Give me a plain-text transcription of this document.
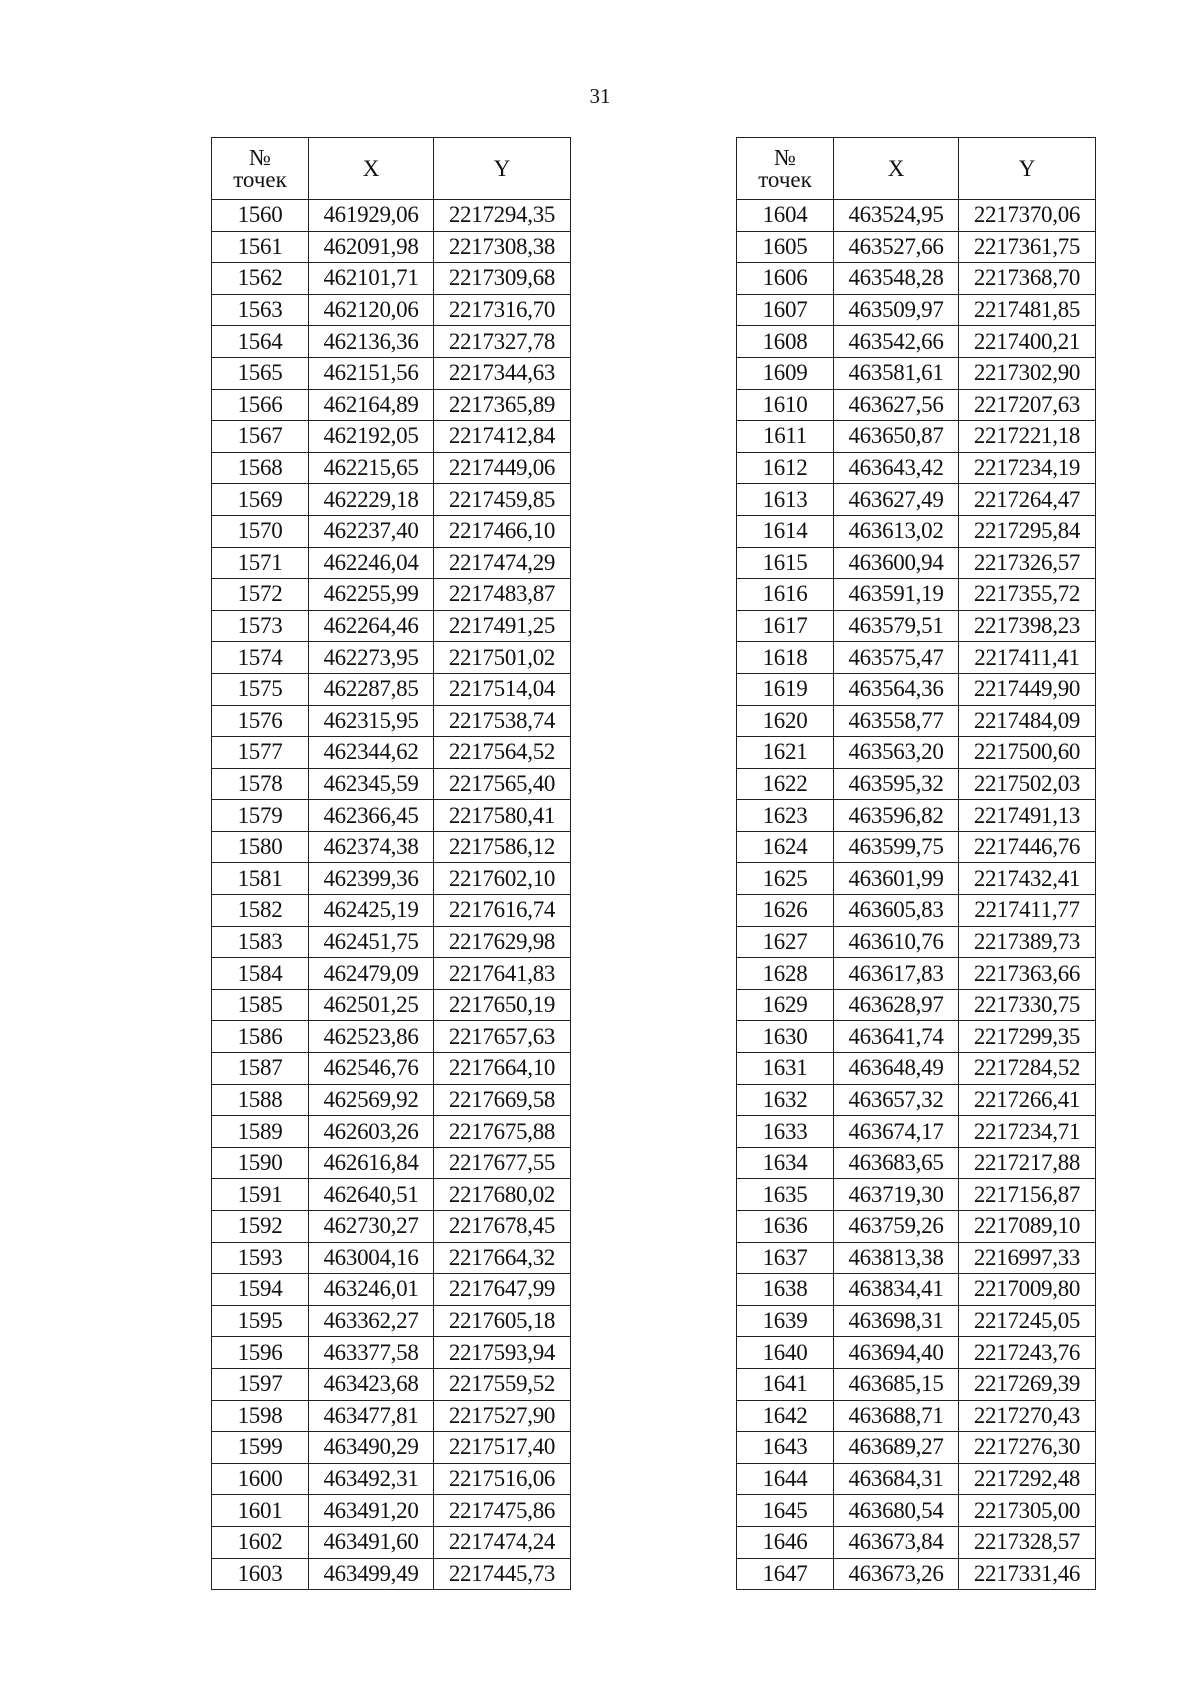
31
№
точек	X	Y
1560	461929,06	2217294,35
1561	462091,98	2217308,38
1562	462101,71	2217309,68
1563	462120,06	2217316,70
1564	462136,36	2217327,78
1565	462151,56	2217344,63
1566	462164,89	2217365,89
1567	462192,05	2217412,84
1568	462215,65	2217449,06
1569	462229,18	2217459,85
1570	462237,40	2217466,10
1571	462246,04	2217474,29
1572	462255,99	2217483,87
1573	462264,46	2217491,25
1574	462273,95	2217501,02
1575	462287,85	2217514,04
1576	462315,95	2217538,74
1577	462344,62	2217564,52
1578	462345,59	2217565,40
1579	462366,45	2217580,41
1580	462374,38	2217586,12
1581	462399,36	2217602,10
1582	462425,19	2217616,74
1583	462451,75	2217629,98
1584	462479,09	2217641,83
1585	462501,25	2217650,19
1586	462523,86	2217657,63
1587	462546,76	2217664,10
1588	462569,92	2217669,58
1589	462603,26	2217675,88
1590	462616,84	2217677,55
1591	462640,51	2217680,02
1592	462730,27	2217678,45
1593	463004,16	2217664,32
1594	463246,01	2217647,99
1595	463362,27	2217605,18
1596	463377,58	2217593,94
1597	463423,68	2217559,52
1598	463477,81	2217527,90
1599	463490,29	2217517,40
1600	463492,31	2217516,06
1601	463491,20	2217475,86
1602	463491,60	2217474,24
1603	463499,49	2217445,73
№
точек	X	Y
1604	463524,95	2217370,06
1605	463527,66	2217361,75
1606	463548,28	2217368,70
1607	463509,97	2217481,85
1608	463542,66	2217400,21
1609	463581,61	2217302,90
1610	463627,56	2217207,63
1611	463650,87	2217221,18
1612	463643,42	2217234,19
1613	463627,49	2217264,47
1614	463613,02	2217295,84
1615	463600,94	2217326,57
1616	463591,19	2217355,72
1617	463579,51	2217398,23
1618	463575,47	2217411,41
1619	463564,36	2217449,90
1620	463558,77	2217484,09
1621	463563,20	2217500,60
1622	463595,32	2217502,03
1623	463596,82	2217491,13
1624	463599,75	2217446,76
1625	463601,99	2217432,41
1626	463605,83	2217411,77
1627	463610,76	2217389,73
1628	463617,83	2217363,66
1629	463628,97	2217330,75
1630	463641,74	2217299,35
1631	463648,49	2217284,52
1632	463657,32	2217266,41
1633	463674,17	2217234,71
1634	463683,65	2217217,88
1635	463719,30	2217156,87
1636	463759,26	2217089,10
1637	463813,38	2216997,33
1638	463834,41	2217009,80
1639	463698,31	2217245,05
1640	463694,40	2217243,76
1641	463685,15	2217269,39
1642	463688,71	2217270,43
1643	463689,27	2217276,30
1644	463684,31	2217292,48
1645	463680,54	2217305,00
1646	463673,84	2217328,57
1647	463673,26	2217331,46
